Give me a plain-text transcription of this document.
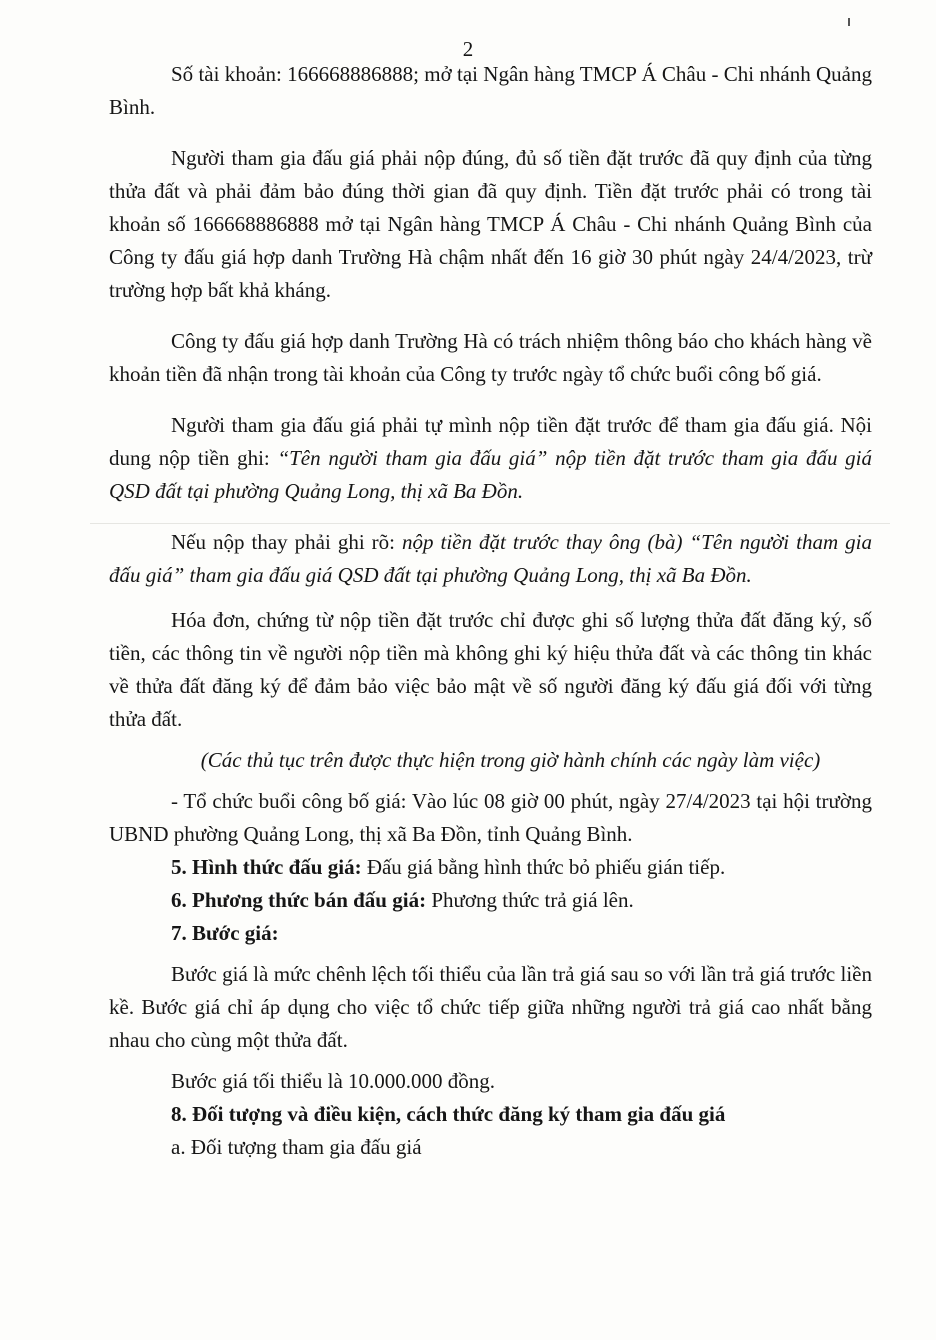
2

Số tài khoản: 166668886888; mở tại Ngân hàng TMCP Á Châu - Chi nhánh Quảng Bình.

Người tham gia đấu giá phải nộp đúng, đủ số tiền đặt trước đã quy định của từng thửa đất và phải đảm bảo đúng thời gian đã quy định. Tiền đặt trước phải có trong tài khoản số 166668886888 mở tại Ngân hàng TMCP Á Châu - Chi nhánh Quảng Bình của Công ty đấu giá hợp danh Trường Hà chậm nhất đến 16 giờ 30 phút ngày 24/4/2023, trừ trường hợp bất khả kháng.

Công ty đấu giá hợp danh Trường Hà có trách nhiệm thông báo cho khách hàng về khoản tiền đã nhận trong tài khoản của Công ty trước ngày tổ chức buổi công bố giá.

Người tham gia đấu giá phải tự mình nộp tiền đặt trước để tham gia đấu giá. Nội dung nộp tiền ghi: “Tên người tham gia đấu giá” nộp tiền đặt trước tham gia đấu giá QSD đất tại phường Quảng Long, thị xã Ba Đồn.

Nếu nộp thay phải ghi rõ: nộp tiền đặt trước thay ông (bà) “Tên người tham gia đấu giá” tham gia đấu giá QSD đất tại phường Quảng Long, thị xã Ba Đồn.

Hóa đơn, chứng từ nộp tiền đặt trước chỉ được ghi số lượng thửa đất đăng ký, số tiền, các thông tin về người nộp tiền mà không ghi ký hiệu thửa đất và các thông tin khác về thửa đất đăng ký để đảm bảo việc bảo mật về số người đăng ký đấu giá đối với từng thửa đất.

(Các thủ tục trên được thực hiện trong giờ hành chính các ngày làm việc)

- Tổ chức buổi công bố giá: Vào lúc 08 giờ 00 phút, ngày 27/4/2023 tại hội trường UBND phường Quảng Long, thị xã Ba Đồn, tỉnh Quảng Bình.

5. Hình thức đấu giá: Đấu giá bằng hình thức bỏ phiếu gián tiếp.

6. Phương thức bán đấu giá: Phương thức trả giá lên.

7. Bước giá:

Bước giá là mức chênh lệch tối thiểu của lần trả giá sau so với lần trả giá trước liền kề. Bước giá chỉ áp dụng cho việc tổ chức tiếp giữa những người trả giá cao nhất bằng nhau cho cùng một thửa đất.

Bước giá tối thiểu là 10.000.000 đồng.

8. Đối tượng và điều kiện, cách thức đăng ký tham gia đấu giá

a. Đối tượng tham gia đấu giá
